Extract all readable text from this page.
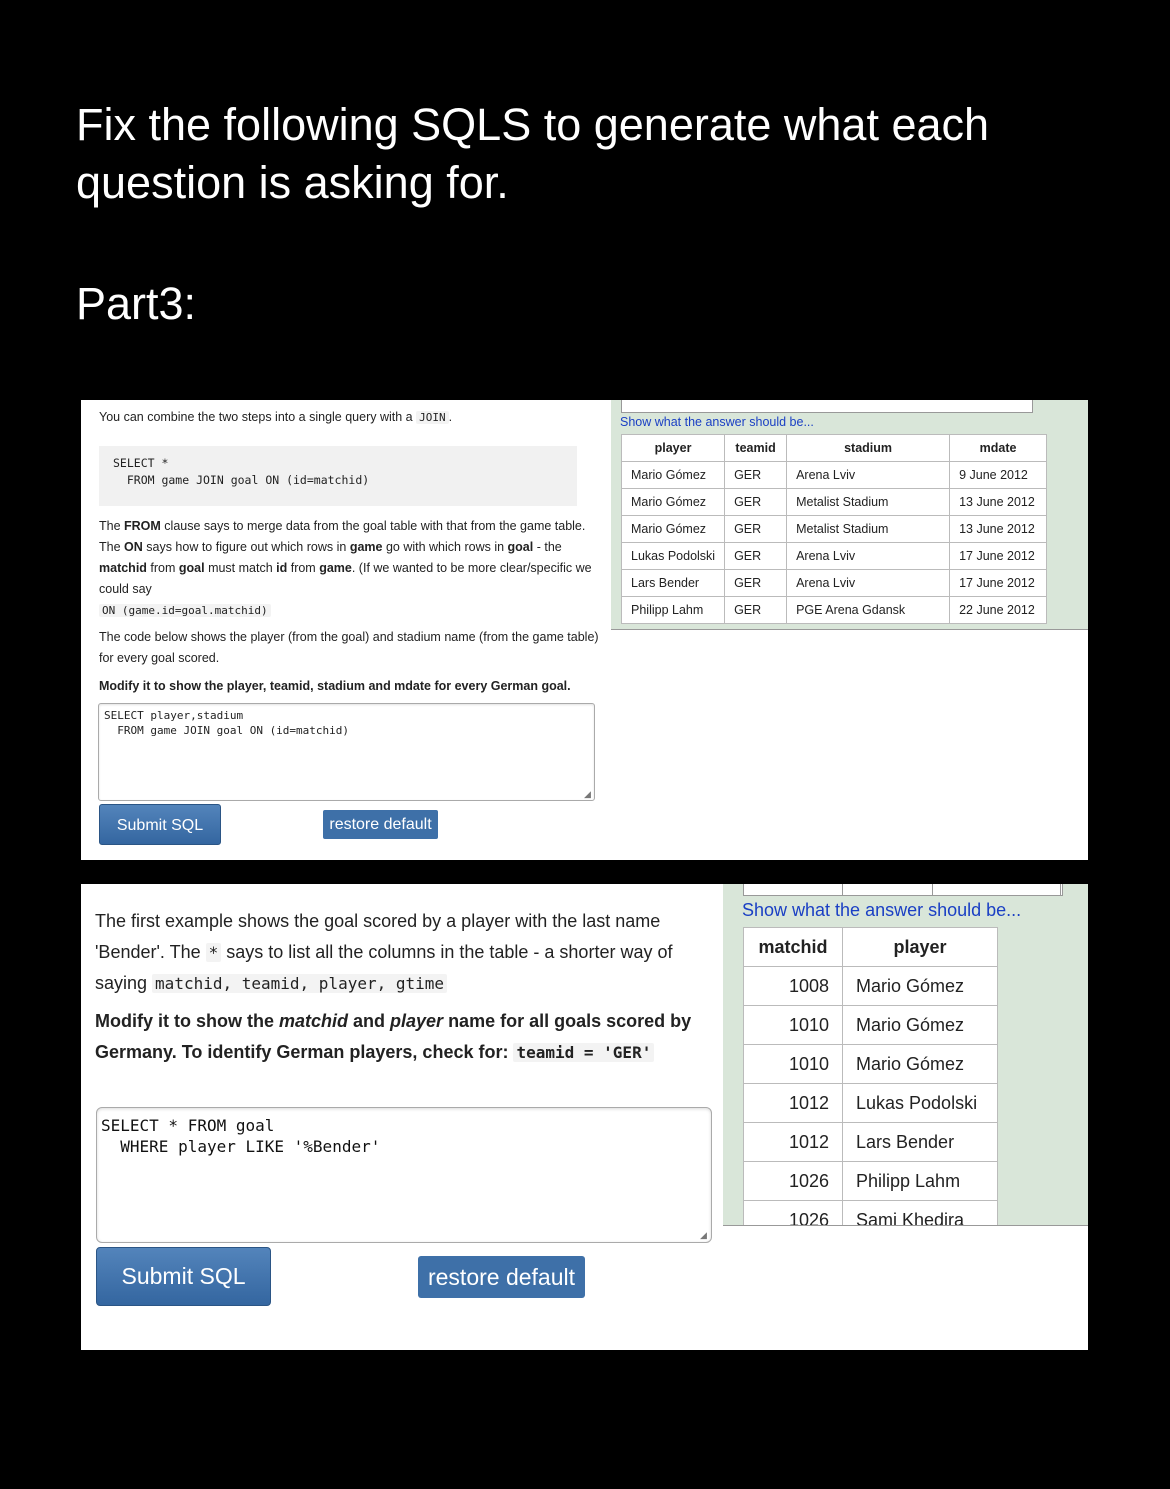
Fix the following SQLS to generate what each question is asking for.
Part3:

You can combine the two steps into a single query with a JOIN .

SELECT *
FROM game JOIN goal ON (id=matchid)

The FROM clause says to merge data from the goal table with that from the game table. The ON says how to figure out which rows in game go with which rows in goal - the matchid from goal must match id from game. (If we wanted to be more clear/specific we could say
ON (game.id=goal.matchid)

The code below shows the player (from the goal) and stadium name (from the game table) for every goal scored.

Modify it to show the player, teamid, stadium and mdate for every German goal.

SELECT player,stadium
FROM game JOIN goal ON (id=matchid)
◢
Submit SQL	restore default
Show what the answer should be...
player	teamid	stadium	mdate
Mario Gómez	GER	Arena Lviv	9 June 2012
Mario Gómez	GER	Metalist Stadium	13 June 2012
Mario Gómez	GER	Metalist Stadium	13 June 2012
Lukas Podolski	GER	Arena Lviv	17 June 2012
Lars Bender	GER	Arena Lviv	17 June 2012
Philipp Lahm	GER	PGE Arena Gdansk	22 June 2012

The first example shows the goal scored by a player with the last name 'Bender'. The * says to list all the columns in the table - a shorter way of saying matchid, teamid, player, gtime

Modify it to show the matchid and player name for all goals scored by Germany. To identify German players, check for: teamid = 'GER'

SELECT * FROM goal
WHERE player LIKE '%Bender'
◢
Submit SQL	restore default
Show what the answer should be...
matchid	player
1008	Mario Gómez
1010	Mario Gómez
1010	Mario Gómez
1012	Lukas Podolski
1012	Lars Bender
1026	Philipp Lahm
1026	Sami Khedira
